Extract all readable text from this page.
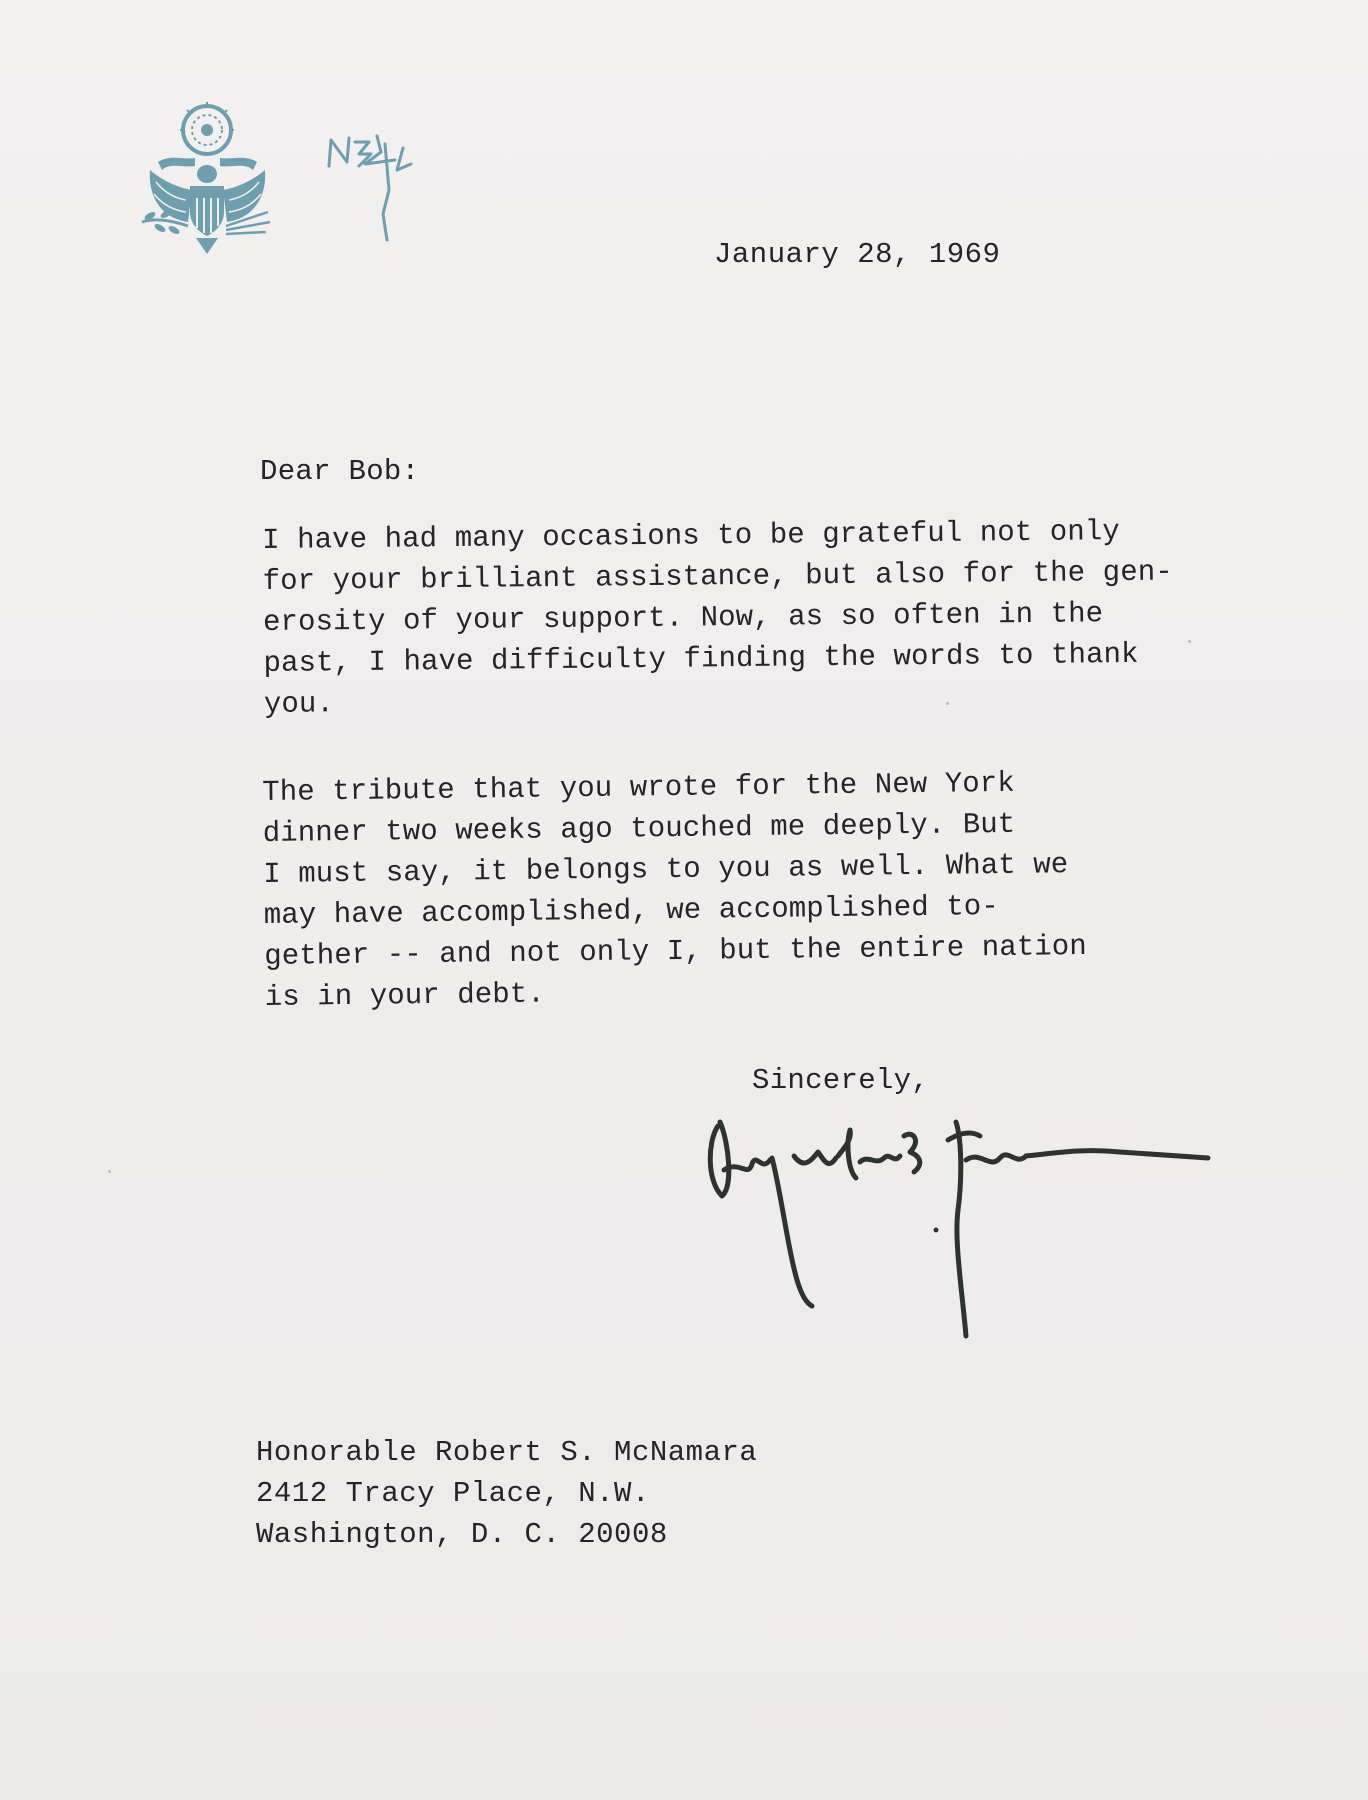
January 28, 1969
Dear Bob:
I have had many occasions to be grateful not only
for your brilliant assistance, but also for the gen-
erosity of your support. Now, as so often in the
past, I have difficulty finding the words to thank
you.
The tribute that you wrote for the New York
dinner two weeks ago touched me deeply. But
I must say, it belongs to you as well. What we
may have accomplished, we accomplished to-
gether -- and not only I, but the entire nation
is in your debt.
Sincerely,
Honorable Robert S. McNamara
2412 Tracy Place, N.W.
Washington, D. C. 20008
